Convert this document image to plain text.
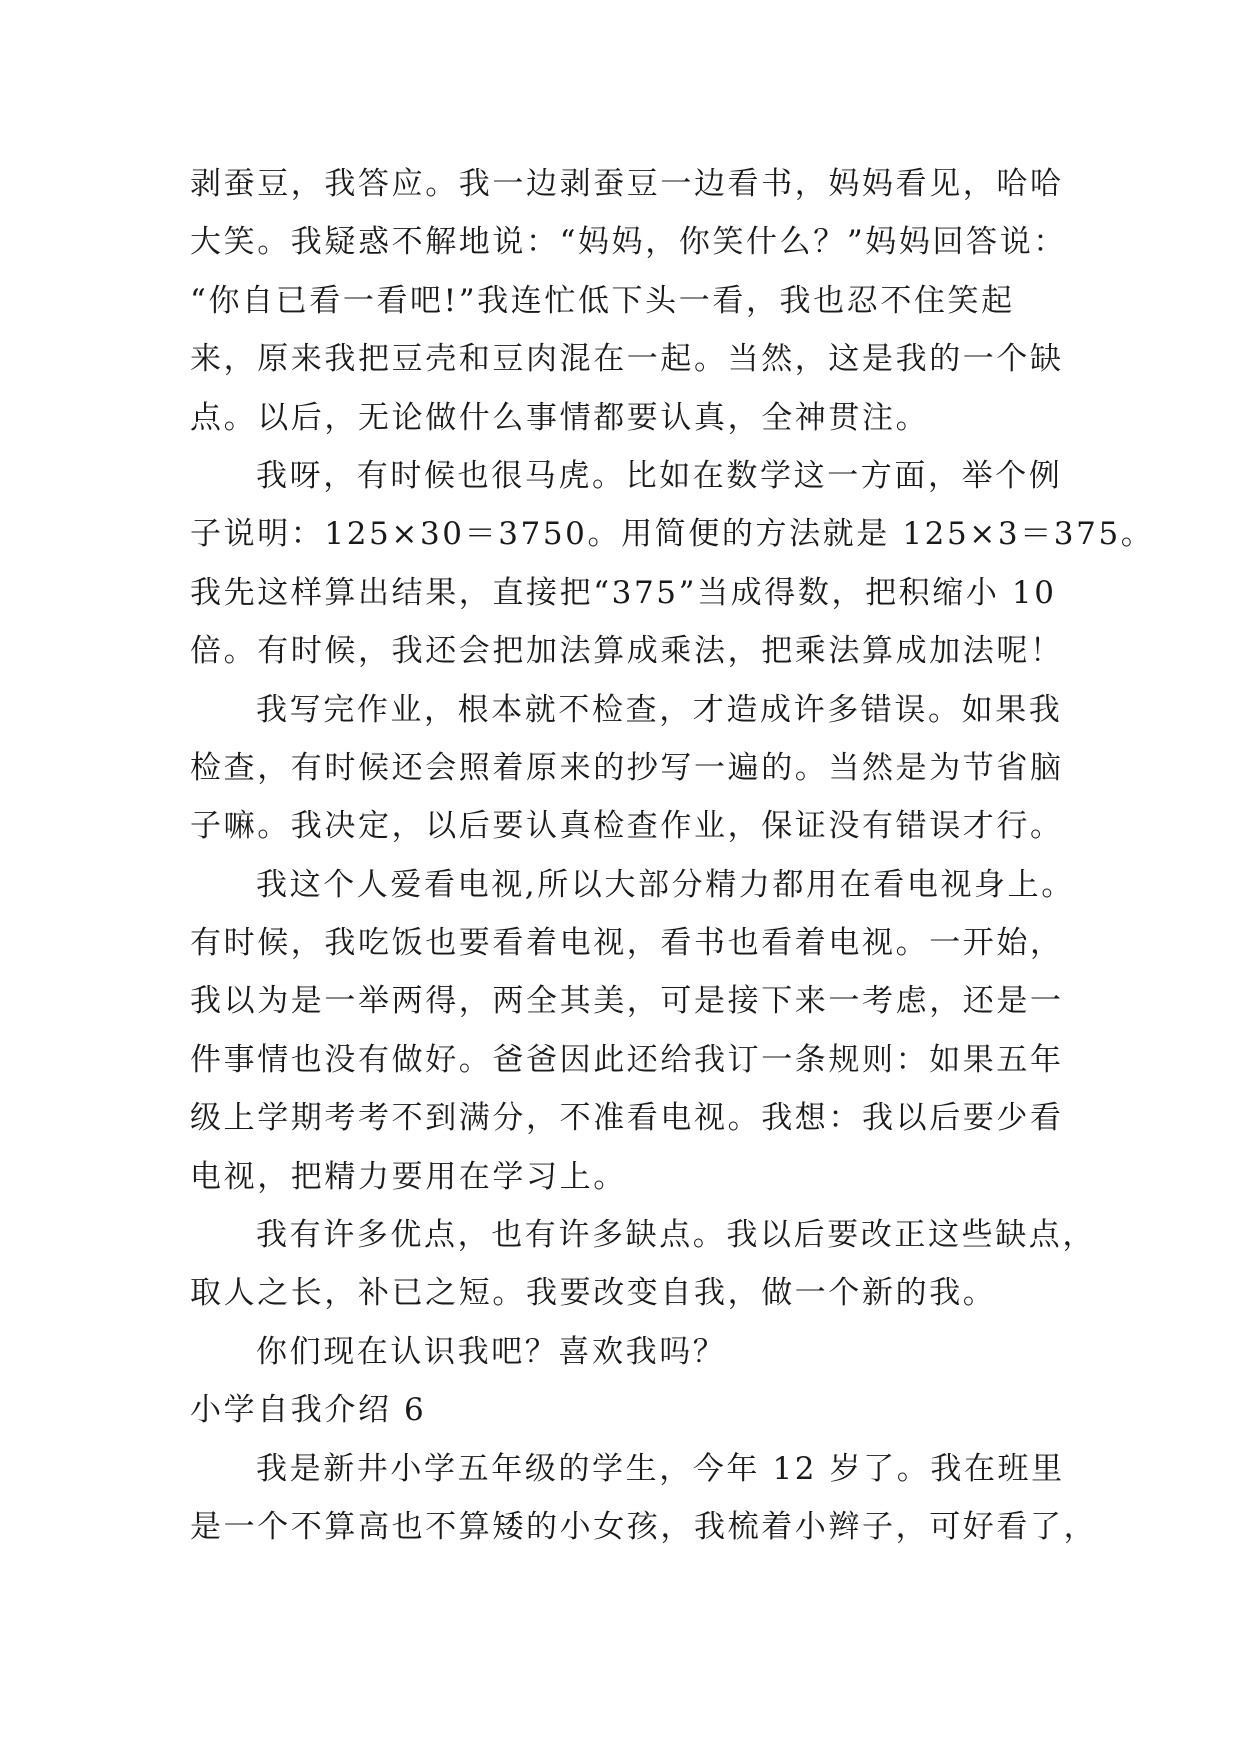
剥蚕豆，我答应。我一边剥蚕豆一边看书，妈妈看见，哈哈
大笑。我疑惑不解地说：“妈妈，你笑什么？”妈妈回答说：
“你自已看一看吧!”我连忙低下头一看，我也忍不住笑起
来，原来我把豆壳和豆肉混在一起。当然，这是我的一个缺
点。以后，无论做什么事情都要认真，全神贯注。
我呀，有时候也很马虎。比如在数学这一方面，举个例
子说明：125×30＝3750。用简便的方法就是 125×3＝375。
我先这样算出结果，直接把“375”当成得数，把积缩小 10
倍。有时候，我还会把加法算成乘法，把乘法算成加法呢！
我写完作业，根本就不检查，才造成许多错误。如果我
检查，有时候还会照着原来的抄写一遍的。当然是为节省脑
子嘛。我决定，以后要认真检查作业，保证没有错误才行。
我这个人爱看电视,所以大部分精力都用在看电视身上。
有时候，我吃饭也要看着电视，看书也看着电视。一开始，
我以为是一举两得，两全其美，可是接下来一考虑，还是一
件事情也没有做好。爸爸因此还给我订一条规则：如果五年
级上学期考考不到满分，不准看电视。我想：我以后要少看
电视，把精力要用在学习上。
我有许多优点，也有许多缺点。我以后要改正这些缺点，
取人之长，补已之短。我要改变自我，做一个新的我。
你们现在认识我吧？喜欢我吗？
小学自我介绍 6
我是新井小学五年级的学生，今年 12 岁了。我在班里
是一个不算高也不算矮的小女孩，我梳着小辫子，可好看了，
